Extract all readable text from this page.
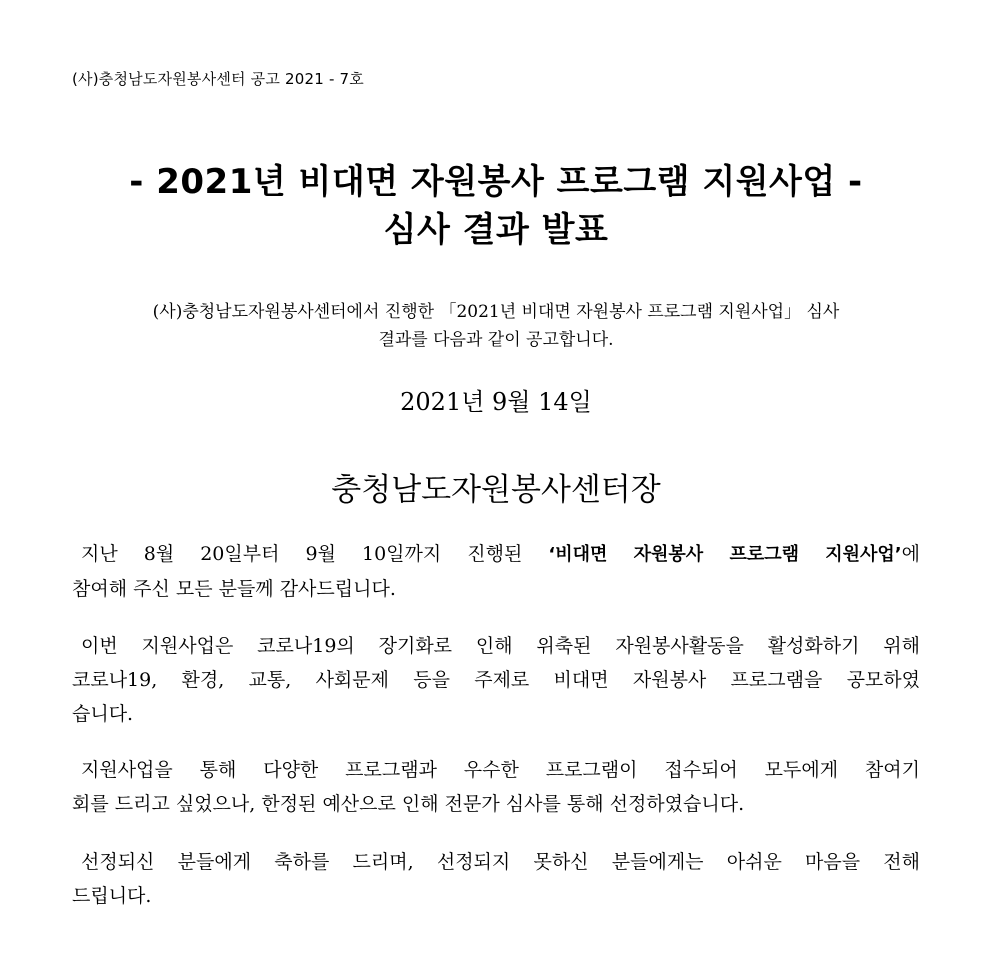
(사)충청남도자원봉사센터 공고 2021 - 7호
- 2021년 비대면 자원봉사 프로그램 지원사업 -
심사 결과 발표
(사)충청남도자원봉사센터에서 진행한 「2021년 비대면 자원봉사 프로그램 지원사업」 심사
결과를 다음과 같이 공고합니다.
2021년 9월 14일
충청남도자원봉사센터장
지난 8월 20일부터 9월 10일까지 진행된 ‘비대면 자원봉사 프로그램 지원사업’에
참여해 주신 모든 분들께 감사드립니다.
이번 지원사업은 코로나19의 장기화로 인해 위축된 자원봉사활동을 활성화하기 위해
코로나19, 환경, 교통, 사회문제 등을 주제로 비대면 자원봉사 프로그램을 공모하였
습니다.
지원사업을 통해 다양한 프로그램과 우수한 프로그램이 접수되어 모두에게 참여기
회를 드리고 싶었으나, 한정된 예산으로 인해 전문가 심사를 통해 선정하였습니다.
선정되신 분들에게 축하를 드리며, 선정되지 못하신 분들에게는 아쉬운 마음을 전해
드립니다.
